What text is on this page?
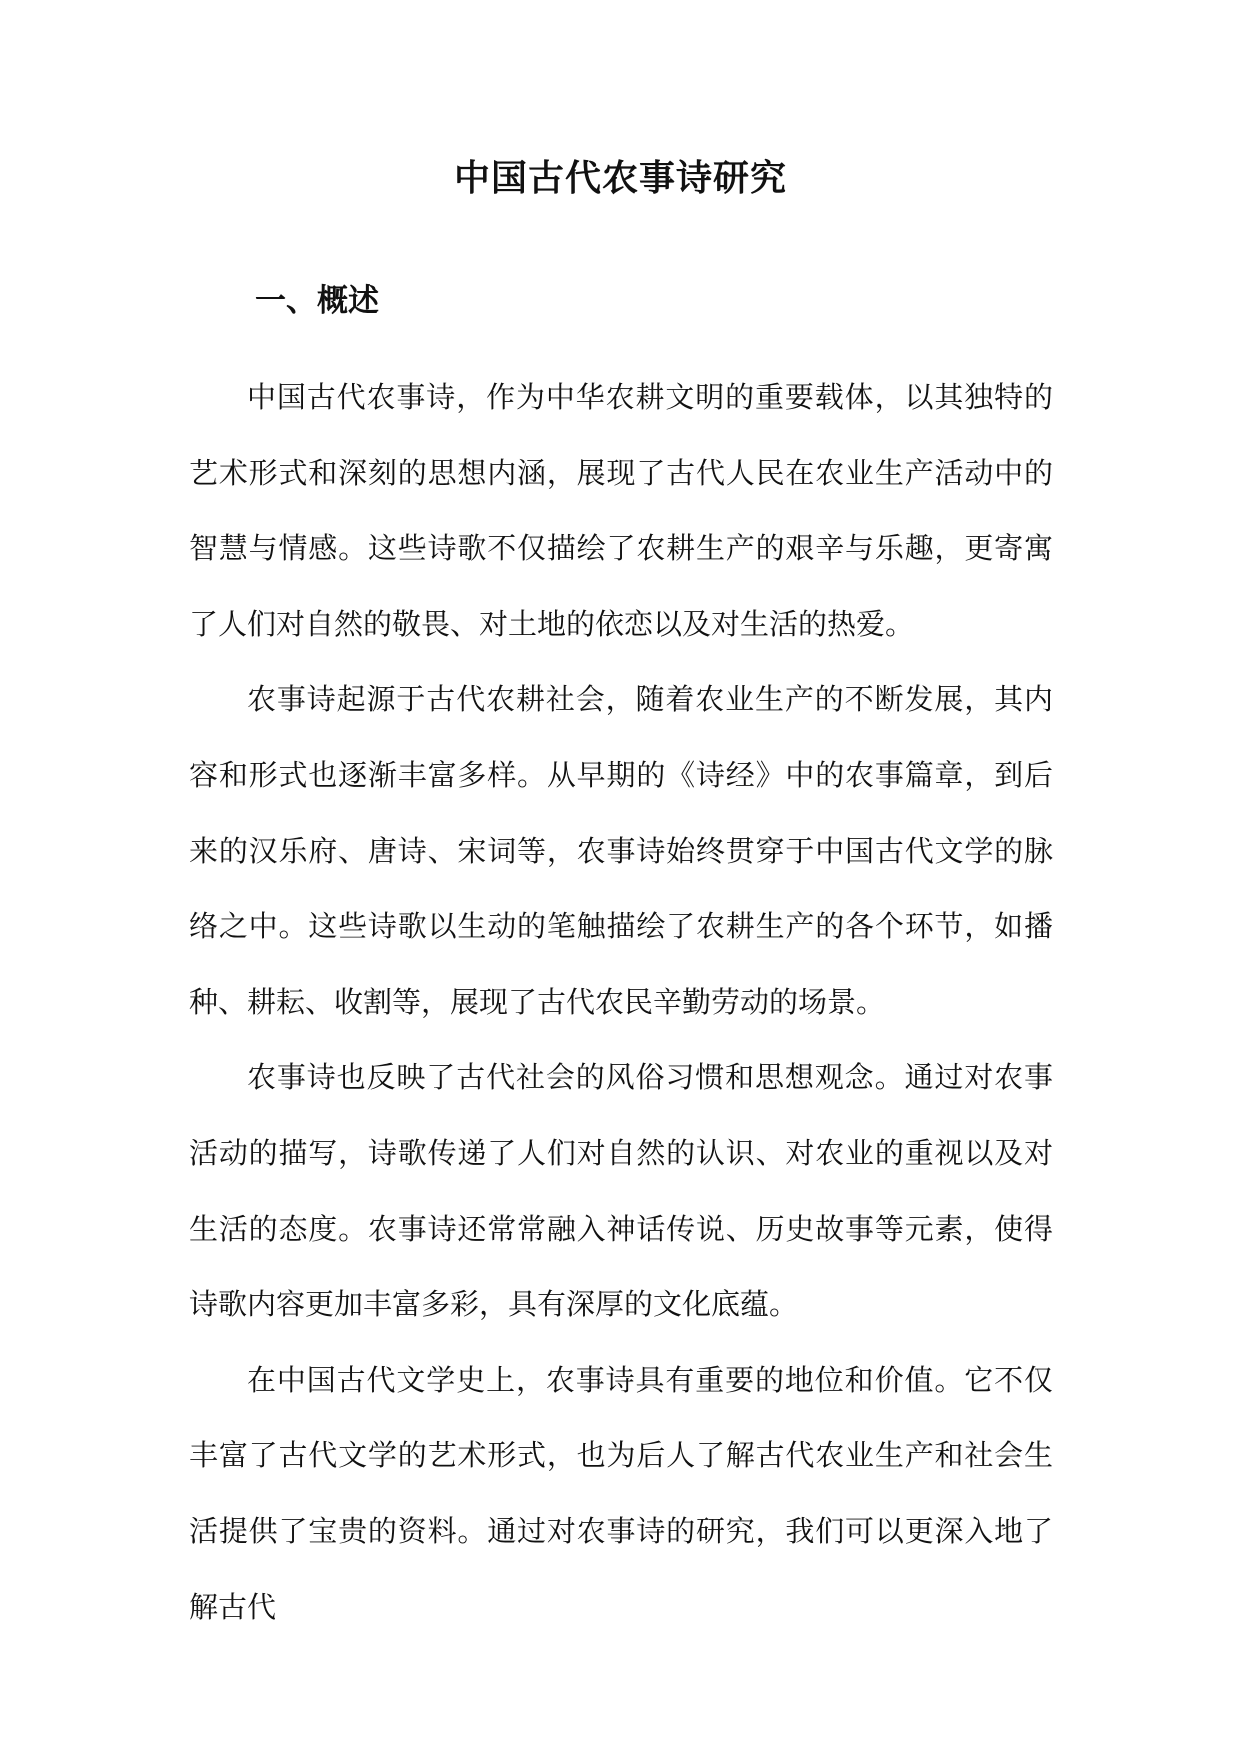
中国古代农事诗研究
一、概述

中国古代农事诗，作为中华农耕文明的重要载体，以其独特的艺术形式和深刻的思想内涵，展现了古代人民在农业生产活动中的智慧与情感。这些诗歌不仅描绘了农耕生产的艰辛与乐趣，更寄寓了人们对自然的敬畏、对土地的依恋以及对生活的热爱。

农事诗起源于古代农耕社会，随着农业生产的不断发展，其内容和形式也逐渐丰富多样。从早期的《诗经》中的农事篇章，到后来的汉乐府、唐诗、宋词等，农事诗始终贯穿于中国古代文学的脉络之中。这些诗歌以生动的笔触描绘了农耕生产的各个环节，如播种、耕耘、收割等，展现了古代农民辛勤劳动的场景。

农事诗也反映了古代社会的风俗习惯和思想观念。通过对农事活动的描写，诗歌传递了人们对自然的认识、对农业的重视以及对生活的态度。农事诗还常常融入神话传说、历史故事等元素，使得诗歌内容更加丰富多彩，具有深厚的文化底蕴。

在中国古代文学史上，农事诗具有重要的地位和价值。它不仅丰富了古代文学的艺术形式，也为后人了解古代农业生产和社会生活提供了宝贵的资料。通过对农事诗的研究，我们可以更深入地了解古代
